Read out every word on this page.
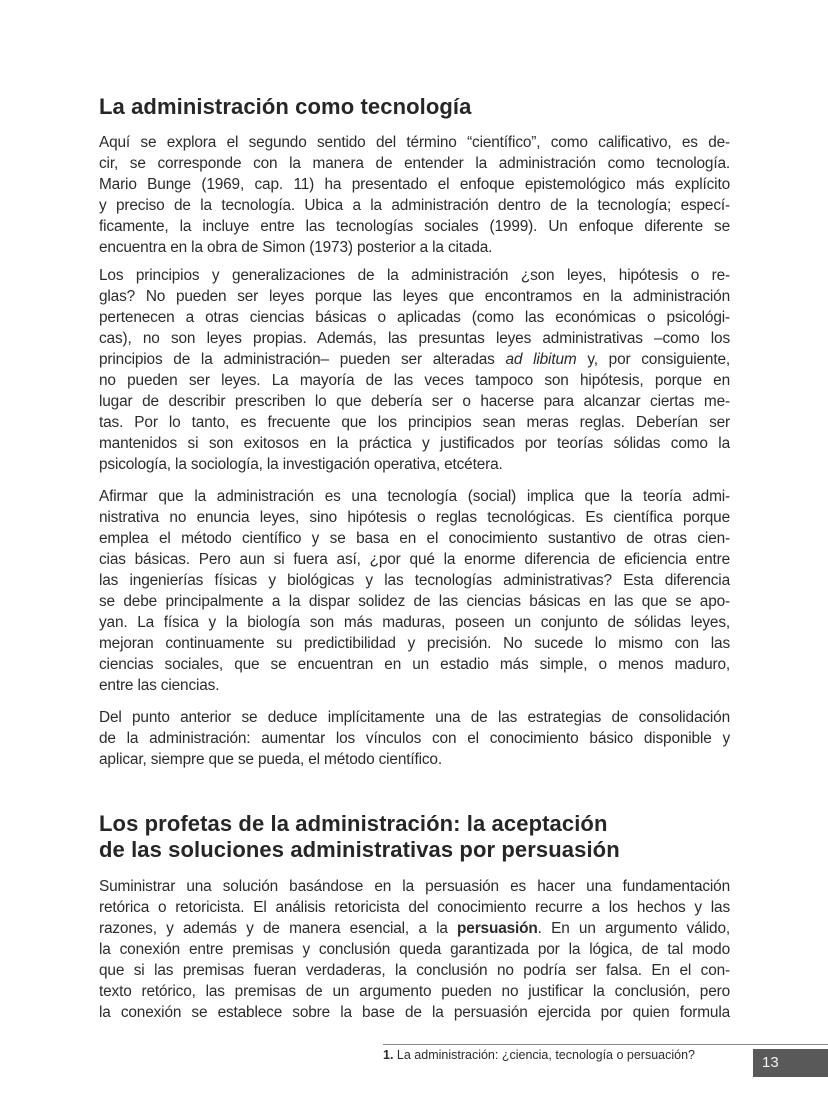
La administración como tecnología
Aquí se explora el segundo sentido del término “científico”, como calificativo, es de-
cir, se corresponde con la manera de entender la administración como tecnología.
Mario Bunge (1969, cap. 11) ha presentado el enfoque epistemológico más explícito
y preciso de la tecnología. Ubica a la administración dentro de la tecnología; especí-
ficamente, la incluye entre las tecnologías sociales (1999). Un enfoque diferente se
encuentra en la obra de Simon (1973) posterior a la citada.
Los principios y generalizaciones de la administración ¿son leyes, hipótesis o re-
glas? No pueden ser leyes porque las leyes que encontramos en la administración
pertenecen a otras ciencias básicas o aplicadas (como las económicas o psicológi-
cas), no son leyes propias. Además, las presuntas leyes administrativas –como los
principios de la administración– pueden ser alteradas ad libitum y, por consiguiente,
no pueden ser leyes. La mayoría de las veces tampoco son hipótesis, porque en
lugar de describir prescriben lo que debería ser o hacerse para alcanzar ciertas me-
tas. Por lo tanto, es frecuente que los principios sean meras reglas. Deberían ser
mantenidos si son exitosos en la práctica y justificados por teorías sólidas como la
psicología, la sociología, la investigación operativa, etcétera.
Afirmar que la administración es una tecnología (social) implica que la teoría admi-
nistrativa no enuncia leyes, sino hipótesis o reglas tecnológicas. Es científica porque
emplea el método científico y se basa en el conocimiento sustantivo de otras cien-
cias básicas. Pero aun si fuera así, ¿por qué la enorme diferencia de eficiencia entre
las ingenierías físicas y biológicas y las tecnologías administrativas? Esta diferencia
se debe principalmente a la dispar solidez de las ciencias básicas en las que se apo-
yan. La física y la biología son más maduras, poseen un conjunto de sólidas leyes,
mejoran continuamente su predictibilidad y precisión. No sucede lo mismo con las
ciencias sociales, que se encuentran en un estadio más simple, o menos maduro,
entre las ciencias.
Del punto anterior se deduce implícitamente una de las estrategias de consolidación
de la administración: aumentar los vínculos con el conocimiento básico disponible y
aplicar, siempre que se pueda, el método científico.
Los profetas de la administración: la aceptación
de las soluciones administrativas por persuasión
Suministrar una solución basándose en la persuasión es hacer una fundamentación
retórica o retoricista. El análisis retoricista del conocimiento recurre a los hechos y las
razones, y además y de manera esencial, a la persuasión. En un argumento válido,
la conexión entre premisas y conclusión queda garantizada por la lógica, de tal modo
que si las premisas fueran verdaderas, la conclusión no podría ser falsa. En el con-
texto retórico, las premisas de un argumento pueden no justificar la conclusión, pero
la conexión se establece sobre la base de la persuasión ejercida por quien formula
1. La administración: ¿ciencia, tecnología o persuación?	13
